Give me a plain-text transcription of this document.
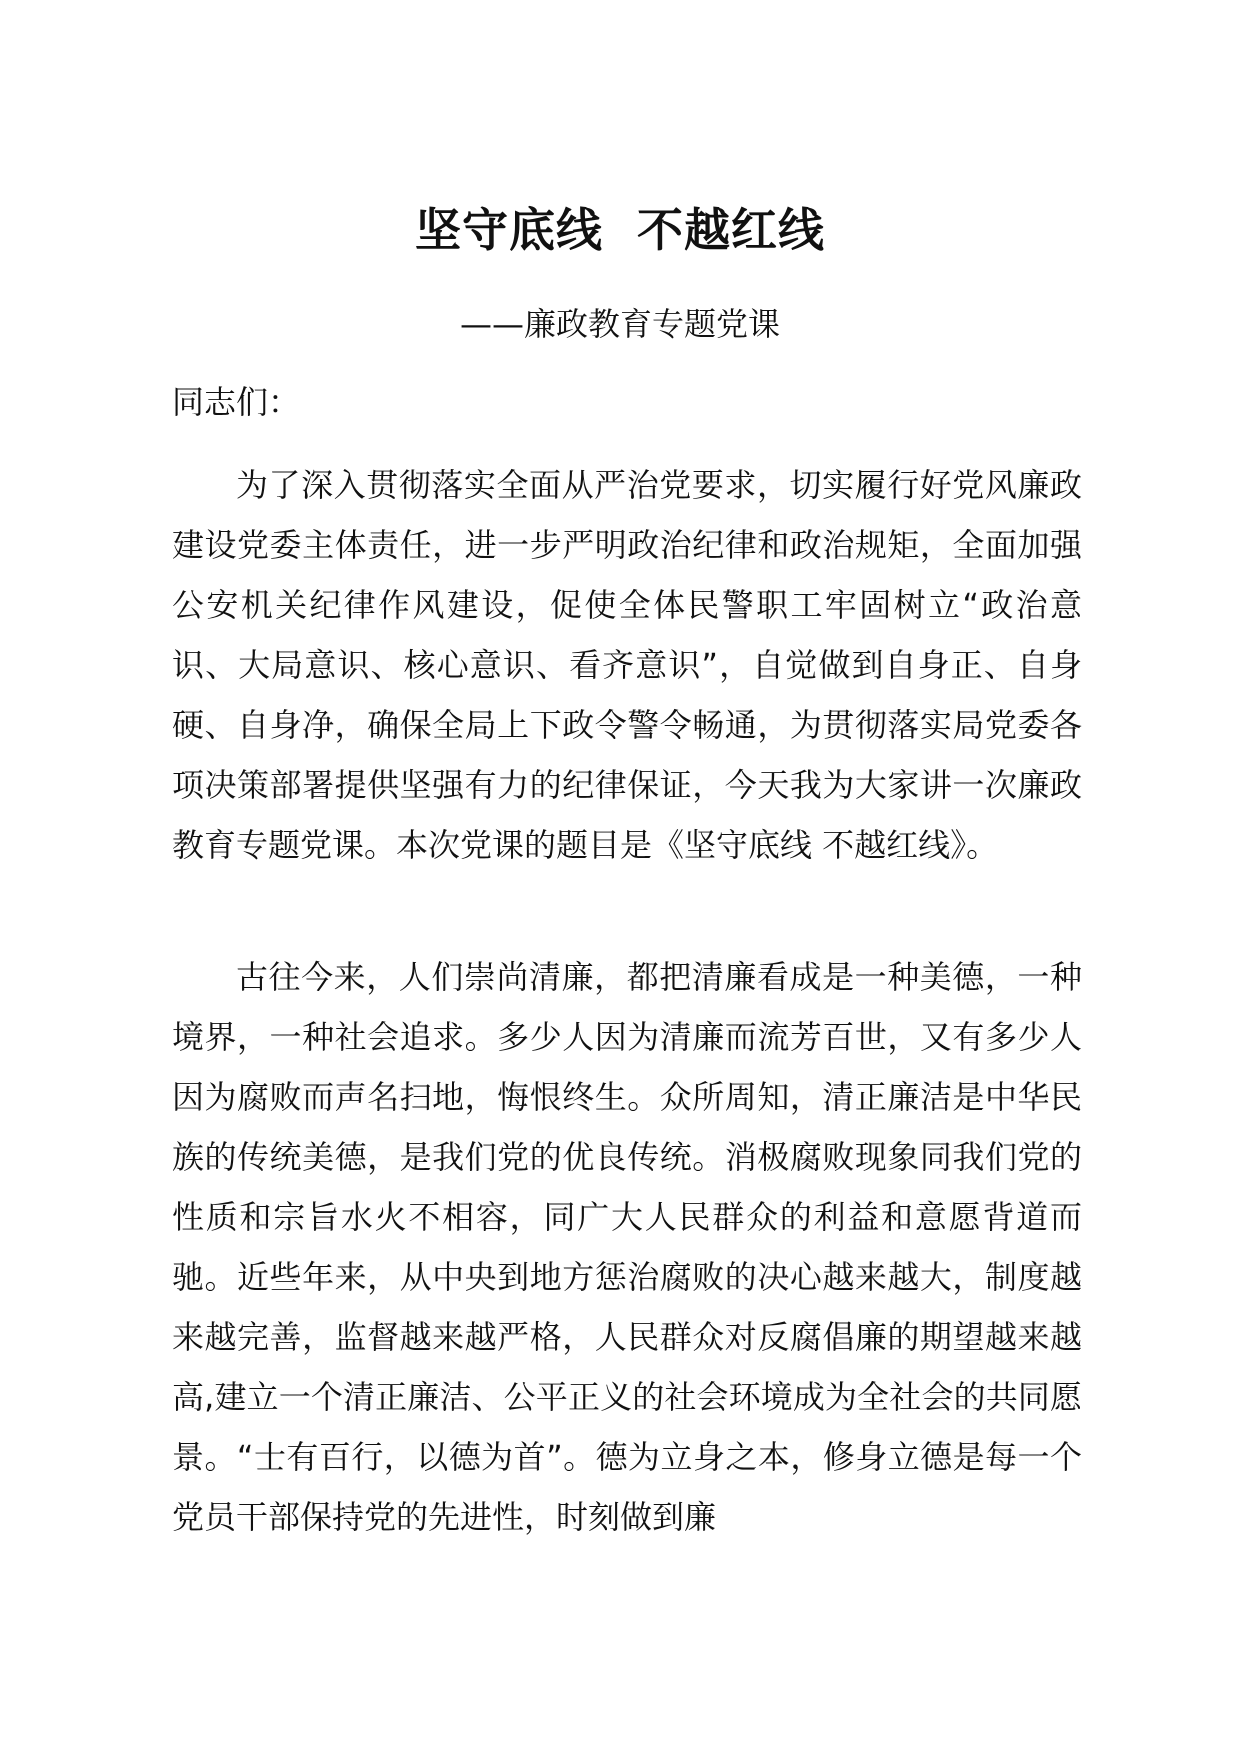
坚守底线  不越红线
——廉政教育专题党课
同志们：

为了深入贯彻落实全面从严治党要求，切实履行好党风廉政建设党委主体责任，进一步严明政治纪律和政治规矩，全面加强公安机关纪律作风建设，促使全体民警职工牢固树立“政治意识、大局意识、核心意识、看齐意识”，自觉做到自身正、自身硬、自身净，确保全局上下政令警令畅通，为贯彻落实局党委各项决策部署提供坚强有力的纪律保证，今天我为大家讲一次廉政教育专题党课。本次党课的题目是《坚守底线 不越红线》。

古往今来，人们崇尚清廉，都把清廉看成是一种美德，一种境界，一种社会追求。多少人因为清廉而流芳百世，又有多少人因为腐败而声名扫地，悔恨终生。众所周知，清正廉洁是中华民族的传统美德，是我们党的优良传统。消极腐败现象同我们党的性质和宗旨水火不相容，同广大人民群众的利益和意愿背道而驰。近些年来，从中央到地方惩治腐败的决心越来越大，制度越来越完善，监督越来越严格，人民群众对反腐倡廉的期望越来越高,建立一个清正廉洁、公平正义的社会环境成为全社会的共同愿景。“士有百行，以德为首”。德为立身之本，修身立德是每一个党员干部保持党的先进性，时刻做到廉
